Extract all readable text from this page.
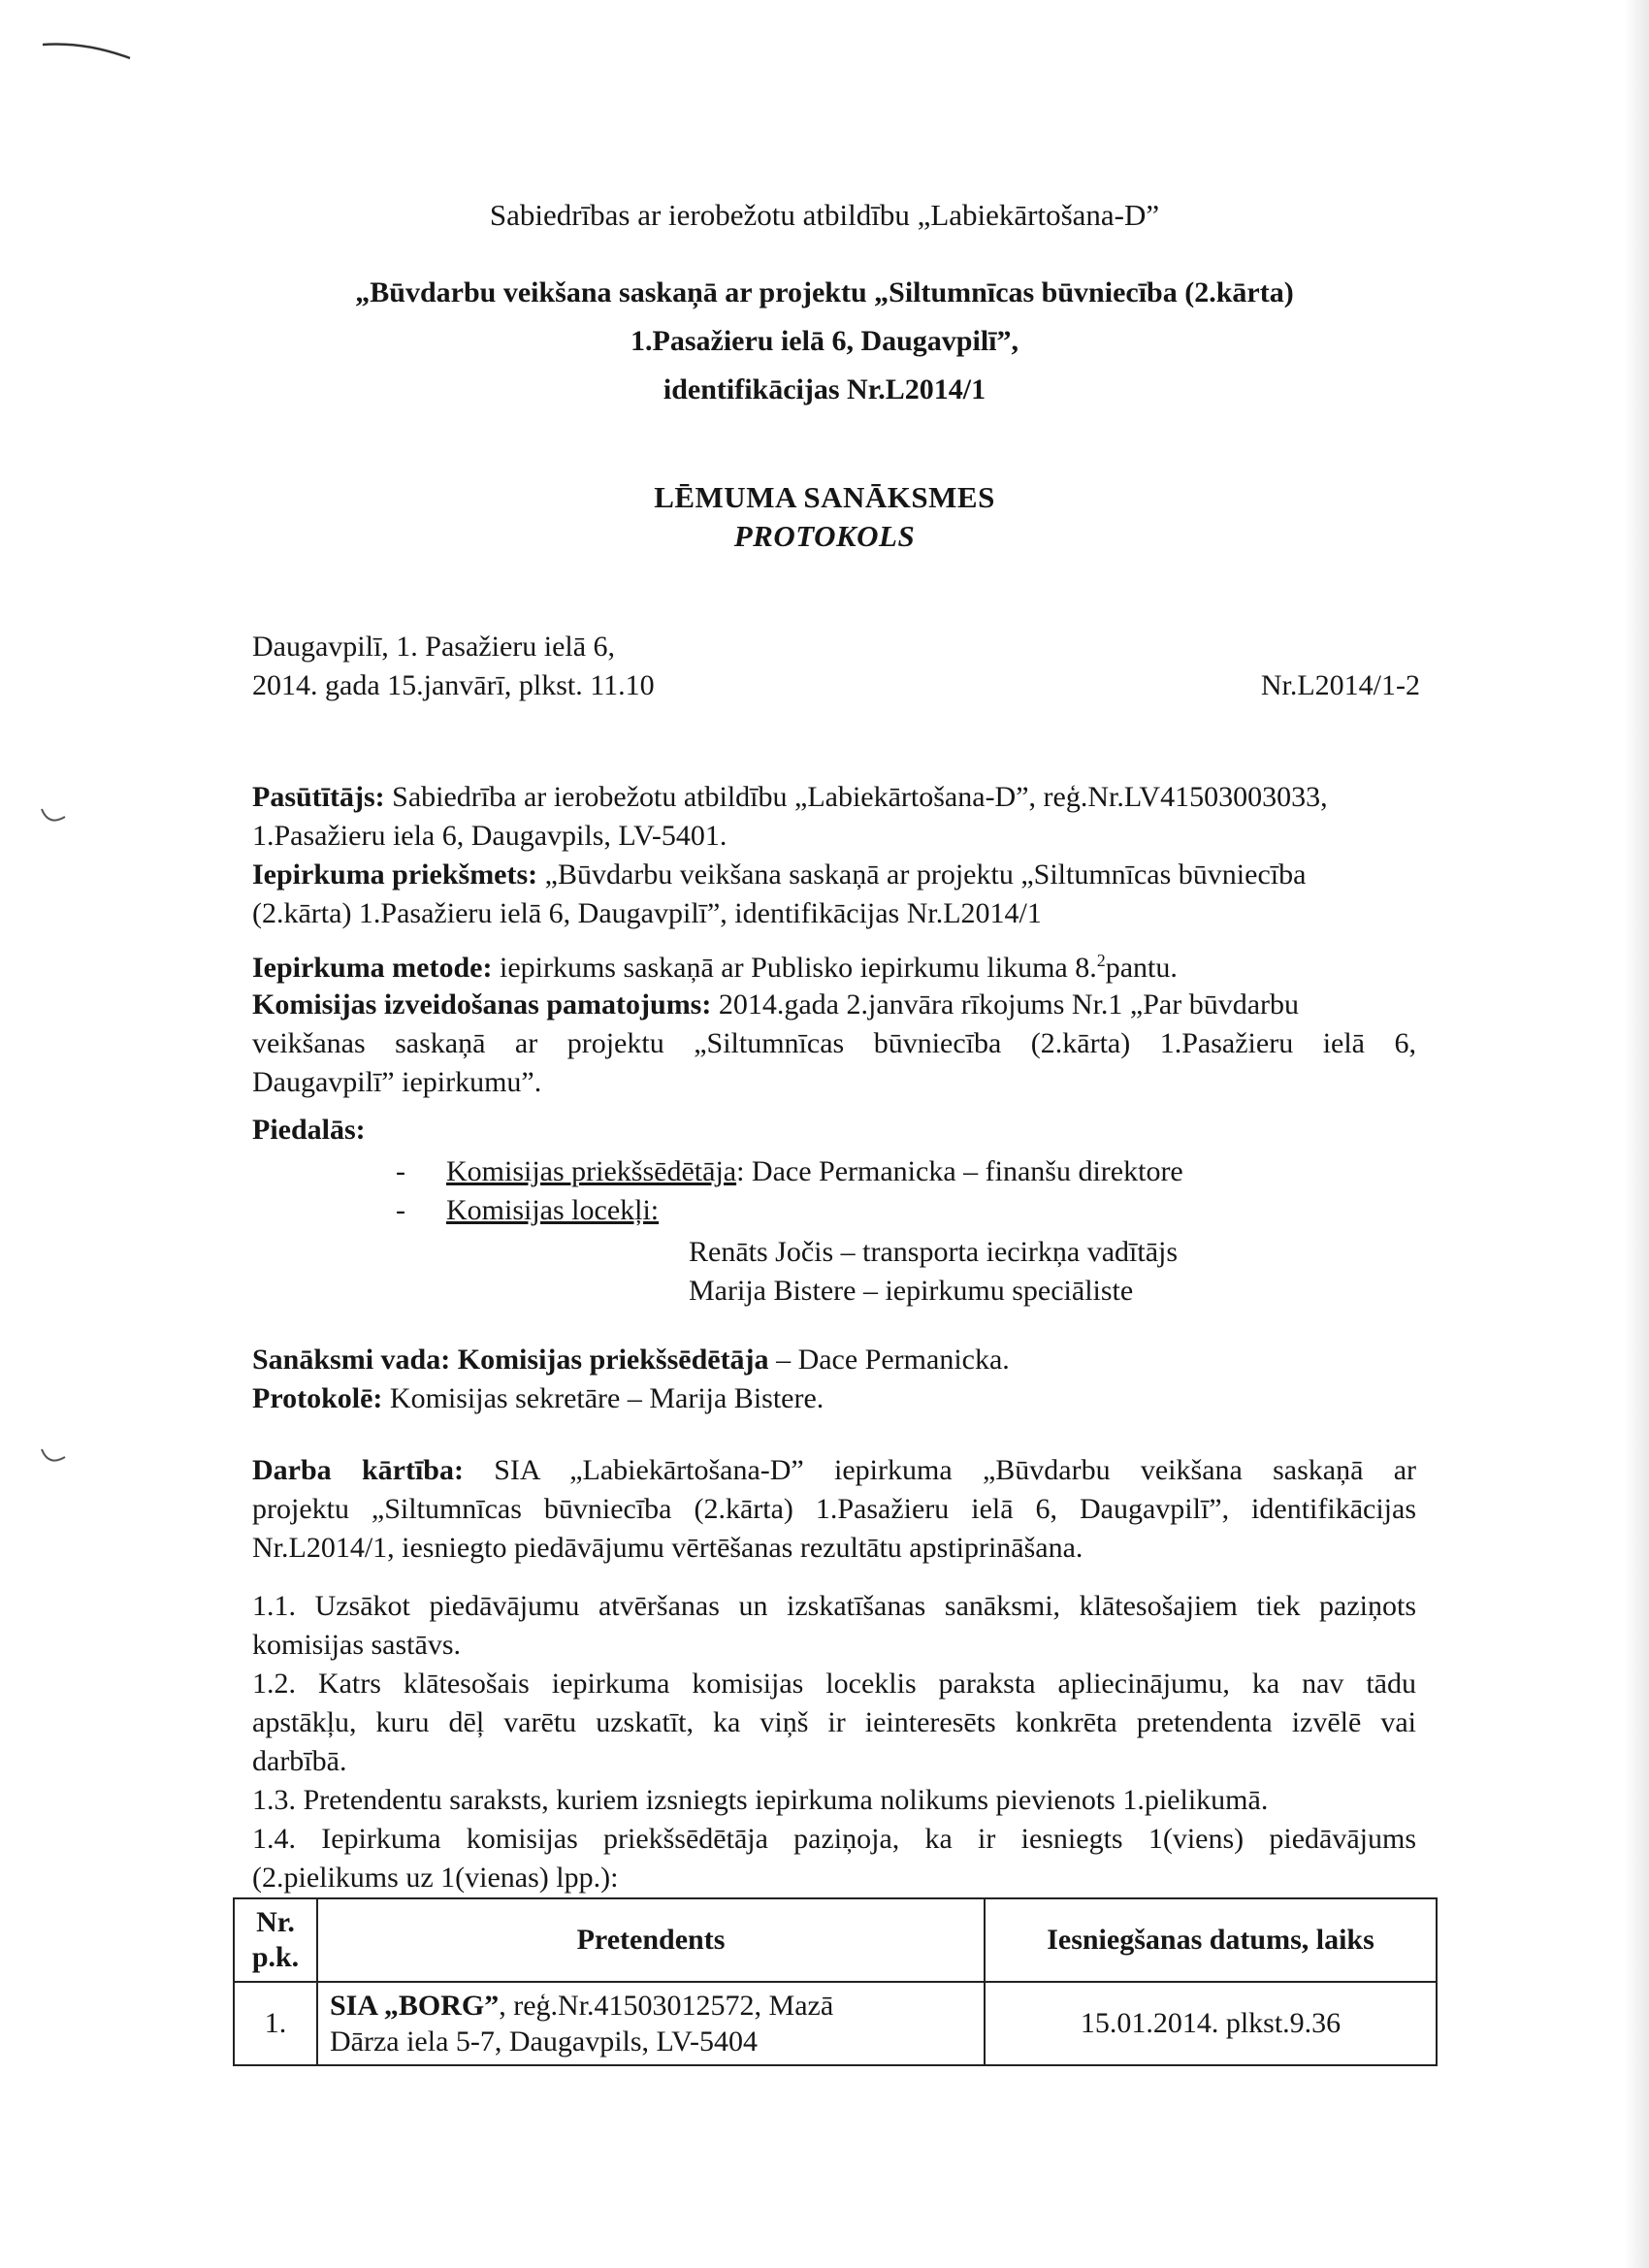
Sabiedrības ar ierobežotu atbildību „Labiekārtošana-D”
„Būvdarbu veikšana saskaņā ar projektu „Siltumnīcas būvniecība (2.kārta)
1.Pasažieru ielā 6, Daugavpilī”,
identifikācijas Nr.L2014/1
LĒMUMA SANĀKSMES
PROTOKOLS
Daugavpilī, 1. Pasažieru ielā 6,
2014. gada 15.janvārī, plkst. 11.10	Nr.L2014/1-2
Pasūtītājs: Sabiedrība ar ierobežotu atbildību „Labiekārtošana-D”, reģ.Nr.LV41503003033,
1.Pasažieru iela 6, Daugavpils, LV-5401.
Iepirkuma priekšmets: „Būvdarbu veikšana saskaņā ar projektu „Siltumnīcas būvniecība
(2.kārta) 1.Pasažieru ielā 6, Daugavpilī”, identifikācijas Nr.L2014/1
Iepirkuma metode: iepirkums saskaņā ar Publisko iepirkumu likuma 8.$^2$pantu.
Komisijas izveidošanas pamatojums: 2014.gada 2.janvāra rīkojums Nr.1 „Par būvdarbu
veikšanas saskaņā ar projektu „Siltumnīcas būvniecība (2.kārta) 1.Pasažieru ielā 6,
Daugavpilī” iepirkumu”.
Piedalās:
- Komisijas priekšsēdētāja: Dace Permanicka – finanšu direktore
- Komisijas locekļi:
Renāts Jočis – transporta iecirkņa vadītājs
Marija Bistere – iepirkumu speciāliste
Sanāksmi vada: Komisijas priekšsēdētāja – Dace Permanicka.
Protokolē: Komisijas sekretāre – Marija Bistere.
Darba kārtība: SIA „Labiekārtošana-D” iepirkuma „Būvdarbu veikšana saskaņā ar
projektu „Siltumnīcas būvniecība (2.kārta) 1.Pasažieru ielā 6, Daugavpilī”, identifikācijas
Nr.L2014/1, iesniegto piedāvājumu vērtēšanas rezultātu apstiprināšana.
1.1. Uzsākot piedāvājumu atvēršanas un izskatīšanas sanāksmi, klātesošajiem tiek paziņots
komisijas sastāvs.
1.2. Katrs klātesošais iepirkuma komisijas loceklis paraksta apliecinājumu, ka nav tādu
apstākļu, kuru dēļ varētu uzskatīt, ka viņš ir ieinteresēts konkrēta pretendenta izvēlē vai
darbībā.
1.3. Pretendentu saraksts, kuriem izsniegts iepirkuma nolikums pievienots 1.pielikumā.
1.4. Iepirkuma komisijas priekšsēdētāja paziņoja, ka ir iesniegts 1(viens) piedāvājums
(2.pielikums uz 1(vienas) lpp.):
Nr. p.k.	Pretendents	Iesniegšanas datums, laiks
1.	SIA „BORG”, reģ.Nr.41503012572, Mazā
Dārza iela 5-7, Daugavpils, LV-5404	15.01.2014. plkst.9.36
